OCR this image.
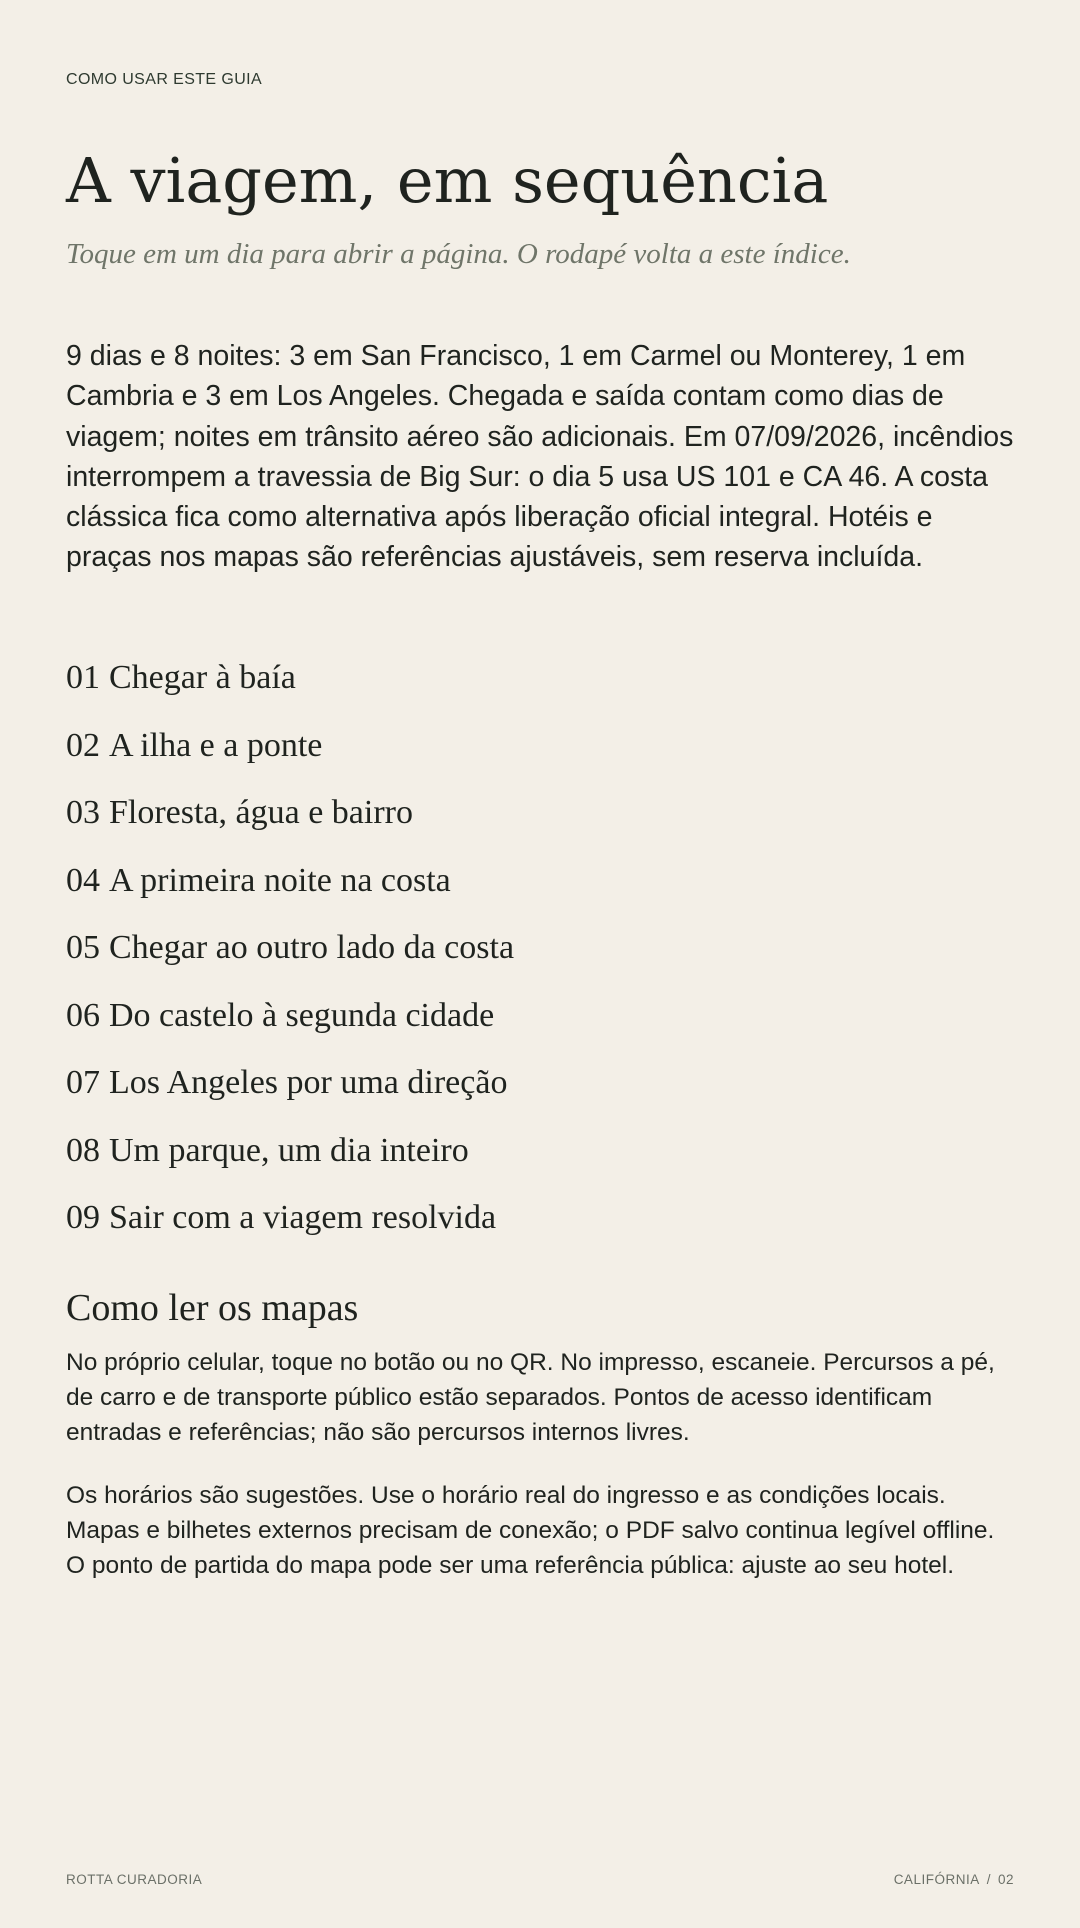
COMO USAR ESTE GUIA
A viagem, em sequência
Toque em um dia para abrir a página. O rodapé volta a este índice.

9 dias e 8 noites: 3 em San Francisco, 1 em Carmel ou Monterey, 1 em Cambria e 3 em Los Angeles. Chegada e saída contam como dias de viagem; noites em trânsito aéreo são adicionais. Em 07/09/2026, incêndios interrompem a travessia de Big Sur: o dia 5 usa US 101 e CA 46. A costa clássica fica como alternativa após liberação oficial integral. Hotéis e praças nos mapas são referências ajustáveis, sem reserva incluída.

01 Chegar à baía
02 A ilha e a ponte
03 Floresta, água e bairro
04 A primeira noite na costa
05 Chegar ao outro lado da costa
06 Do castelo à segunda cidade
07 Los Angeles por uma direção
08 Um parque, um dia inteiro
09 Sair com a viagem resolvida
Como ler os mapas

No próprio celular, toque no botão ou no QR. No impresso, escaneie. Percursos a pé, de carro e de transporte público estão separados. Pontos de acesso identificam entradas e referências; não são percursos internos livres.

Os horários são sugestões. Use o horário real do ingresso e as condições locais. Mapas e bilhetes externos precisam de conexão; o PDF salvo continua legível offline. O ponto de partida do mapa pode ser uma referência pública: ajuste ao seu hotel.

ROTTA CURADORIA	CALIFÓRNIA / 02
